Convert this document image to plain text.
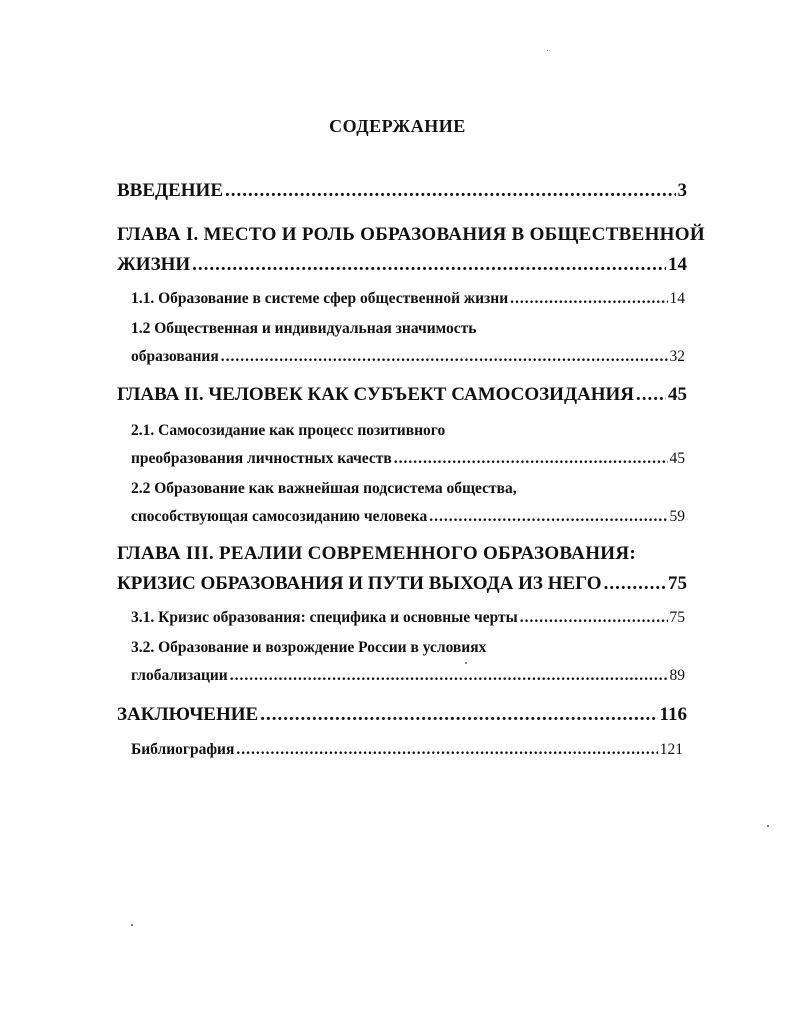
СОДЕРЖАНИЕ
ВВЕДЕНИЕ .....	3
ГЛАВА I. МЕСТО И РОЛЬ ОБРАЗОВАНИЯ В ОБЩЕСТВЕННОЙ
ЖИЗНИ .....	14
1.1. Образование в системе сфер общественной жизни .....	14
1.2 Общественная и индивидуальная значимость
образования .....	32
ГЛАВА II. ЧЕЛОВЕК КАК СУБЪЕКТ САМОСОЗИДАНИЯ ..... 45
2.1. Самосозидание как процесс позитивного
преобразования личностных качеств .....	45
2.2 Образование как важнейшая подсистема общества,
способствующая самосозиданию человека .....	59
ГЛАВА III. РЕАЛИИ СОВРЕМЕННОГО ОБРАЗОВАНИЯ:
КРИЗИС ОБРАЗОВАНИЯ И ПУТИ ВЫХОДА ИЗ НЕГО .....	75
3.1. Кризис образования: специфика и основные черты .....	75
3.2. Образование и возрождение России в условиях
глобализации .....	89
ЗАКЛЮЧЕНИЕ .....	116
Библиография .....	121
